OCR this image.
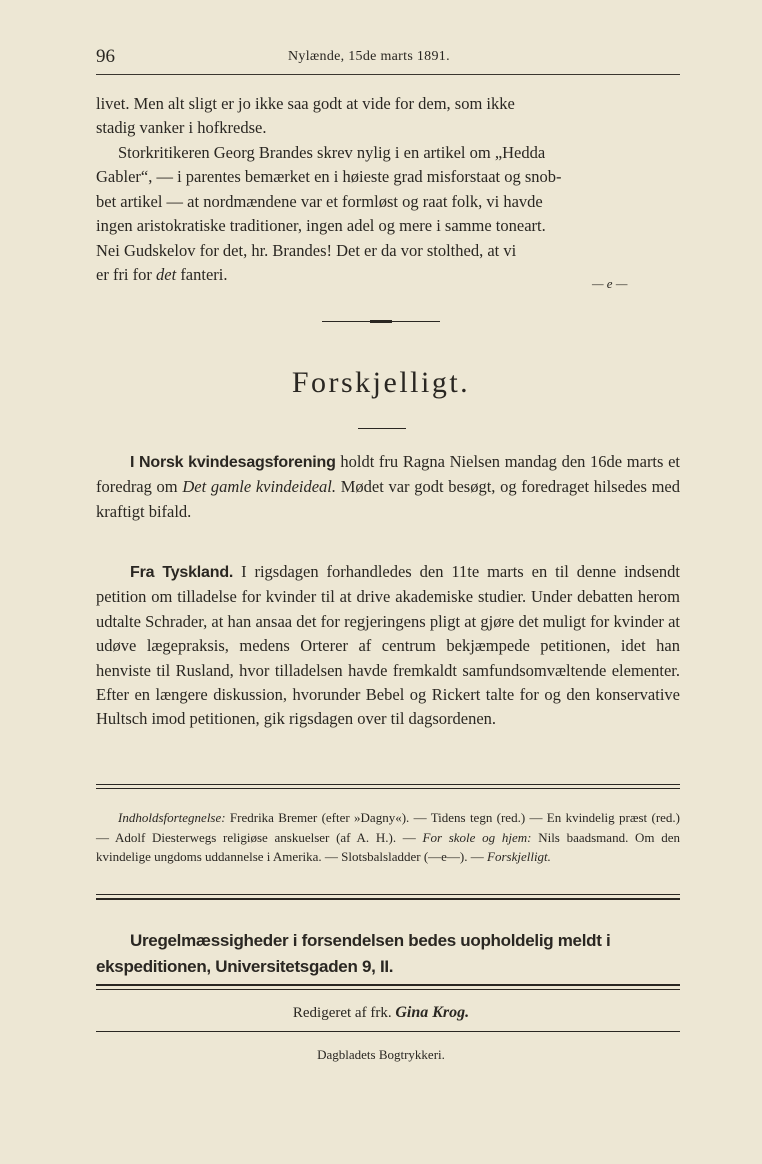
96	Nylænde, 15de marts 1891.
livet. Men alt sligt er jo ikke saa godt at vide for dem, som ikke
stadig vanker i hofkredse.
Storkritikeren Georg Brandes skrev nylig i en artikel om „Hedda
Gabler“, — i parentes bemærket en i høieste grad misforstaat og snob-
bet artikel — at nordmændene var et formløst og raat folk, vi havde
ingen aristokratiske traditioner, ingen adel og mere i samme toneart.
Nei Gudskelov for det, hr. Brandes! Det er da vor stolthed, at vi
er fri for det fanteri.	— e —
Forskjelligt.
I Norsk kvindesagsforening holdt fru Ragna Nielsen mandag den 16de marts et foredrag om Det gamle kvindeideal. Mødet var godt besøgt, og foredraget hilsedes med kraftigt bifald.
Fra Tyskland. I rigsdagen forhandledes den 11te marts en til denne indsendt petition om tilladelse for kvinder til at drive akademiske studier. Under debatten herom udtalte Schrader, at han ansaa det for regjeringens pligt at gjøre det muligt for kvinder at udøve lægepraksis, medens Orterer af centrum bekjæmpede petitionen, idet han henviste til Rusland, hvor tilladelsen havde fremkaldt samfundsomvæltende elementer. Efter en længere diskussion, hvorunder Bebel og Rickert talte for og den konservative Hultsch imod petitionen, gik rigsdagen over til dagsordenen.
Indholdsfortegnelse: Fredrika Bremer (efter »Dagny«). — Tidens tegn (red.) — En kvindelig præst (red.) — Adolf Diesterwegs religiøse anskuelser (af A. H.). — For skole og hjem: Nils baadsmand. Om den kvindelige ungdoms uddannelse i Amerika. — Slotsbalsladder (—e—). — Forskjelligt.
Uregelmæssigheder i forsendelsen bedes uopholdelig meldt i ekspeditionen, Universitetsgaden 9, II.
Redigeret af frk. Gina Krog.
Dagbladets Bogtrykkeri.
